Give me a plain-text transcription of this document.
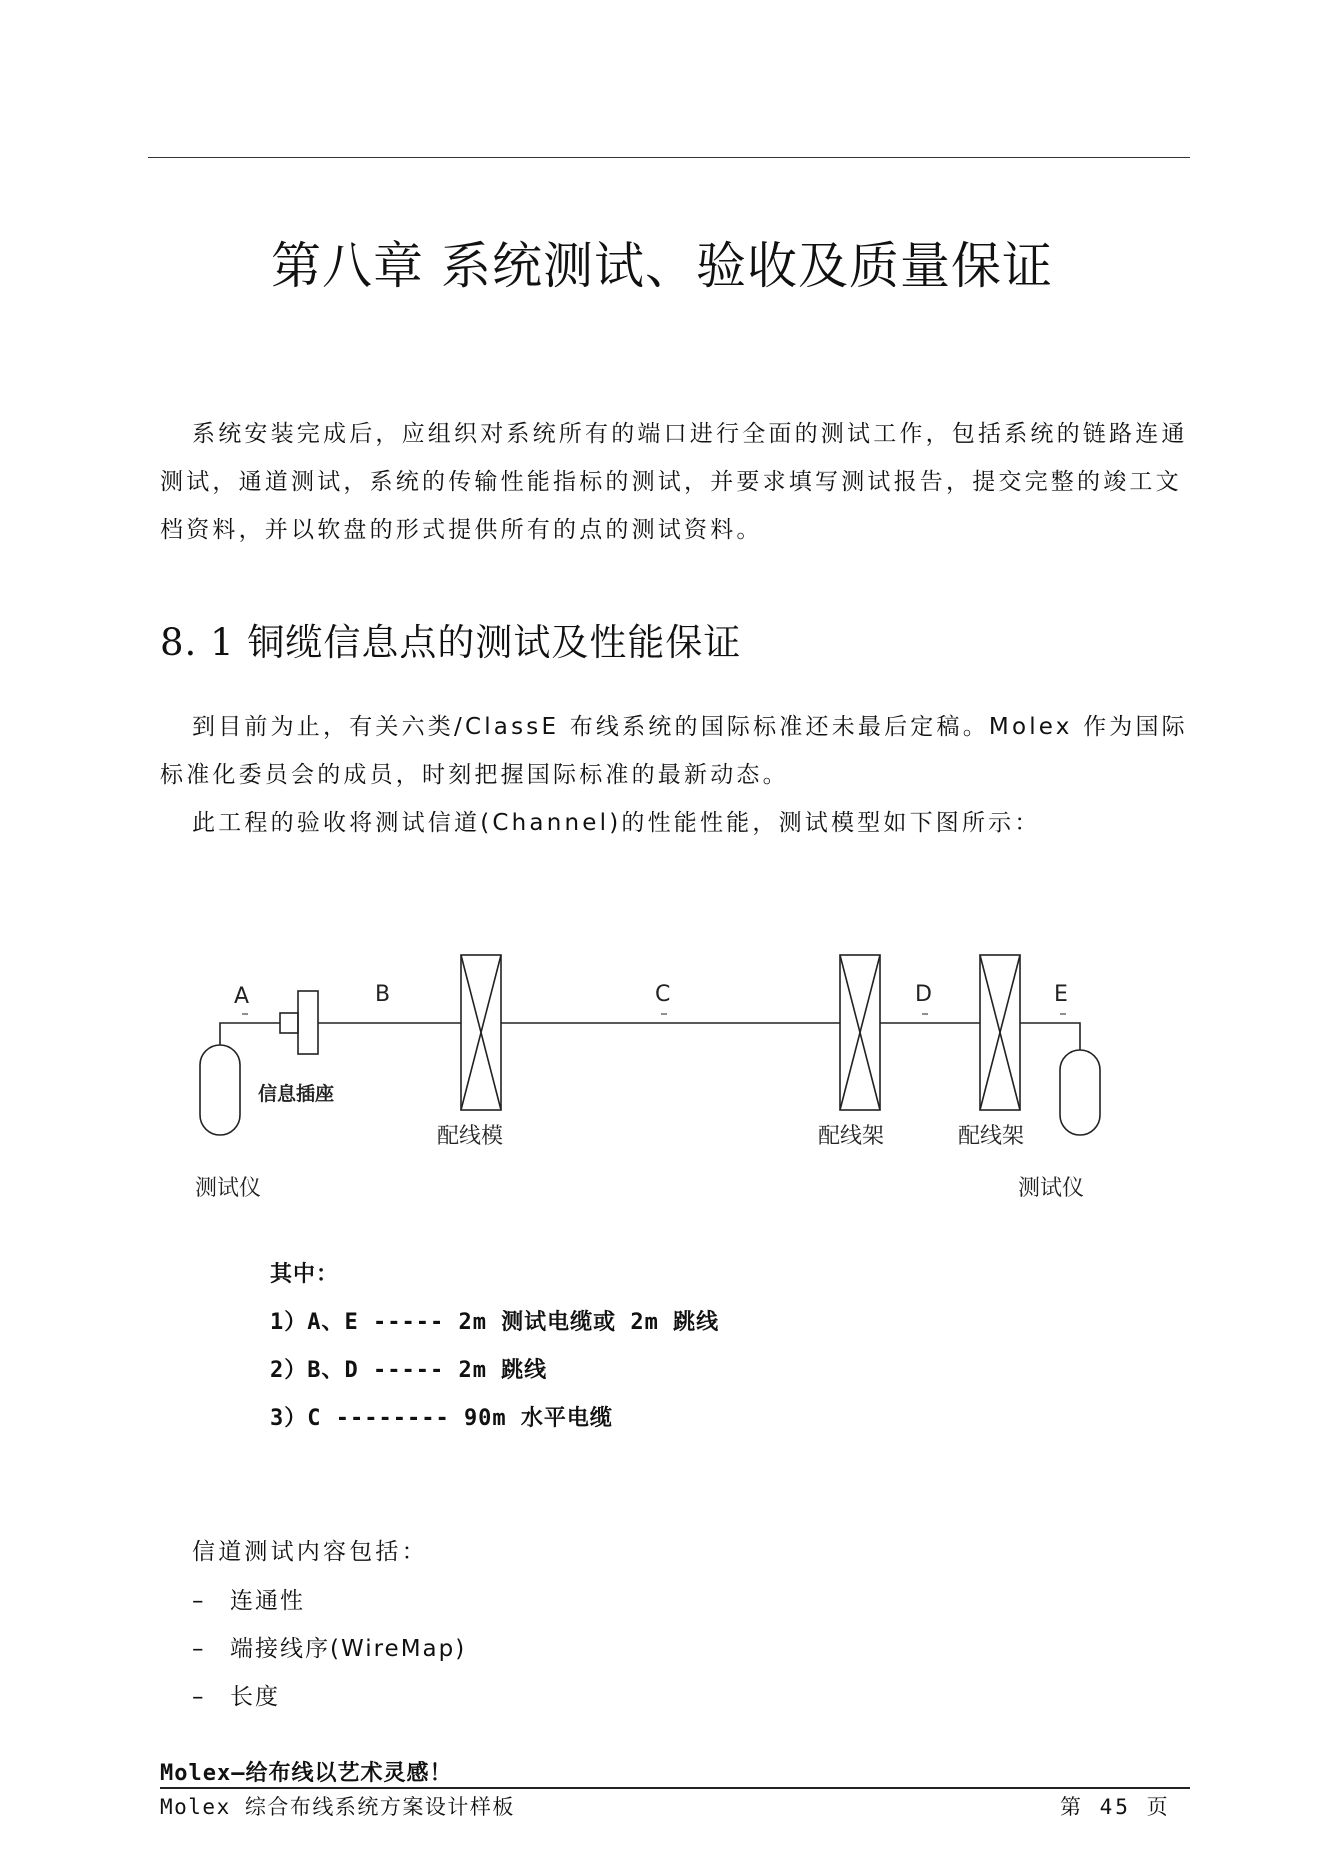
第八章 系统测试、验收及质量保证
系统安装完成后，应组织对系统所有的端口进行全面的测试工作，包括系统的链路连通测试，通道测试，系统的传输性能指标的测试，并要求填写测试报告，提交完整的竣工文档资料，并以软盘的形式提供所有的点的测试资料。
8. 1 铜缆信息点的测试及性能保证
到目前为止，有关六类/ClassE 布线系统的国际标准还未最后定稿。Molex 作为国际标准化委员会的成员，时刻把握国际标准的最新动态。
此工程的验收将测试信道(Channel)的性能性能，测试模型如下图所示：
A	B	C	D	E
信息插座
配线模	配线架	配线架
测试仪	测试仪
其中：
1）A、E ----- 2m 测试电缆或 2m 跳线
2）B、D ----- 2m 跳线
3）C -------- 90m 水平电缆
信道测试内容包括：
– 连通性
– 端接线序(WireMap)
– 长度
Molex—给布线以艺术灵感！
Molex 综合布线系统方案设计样板	第 45 页
